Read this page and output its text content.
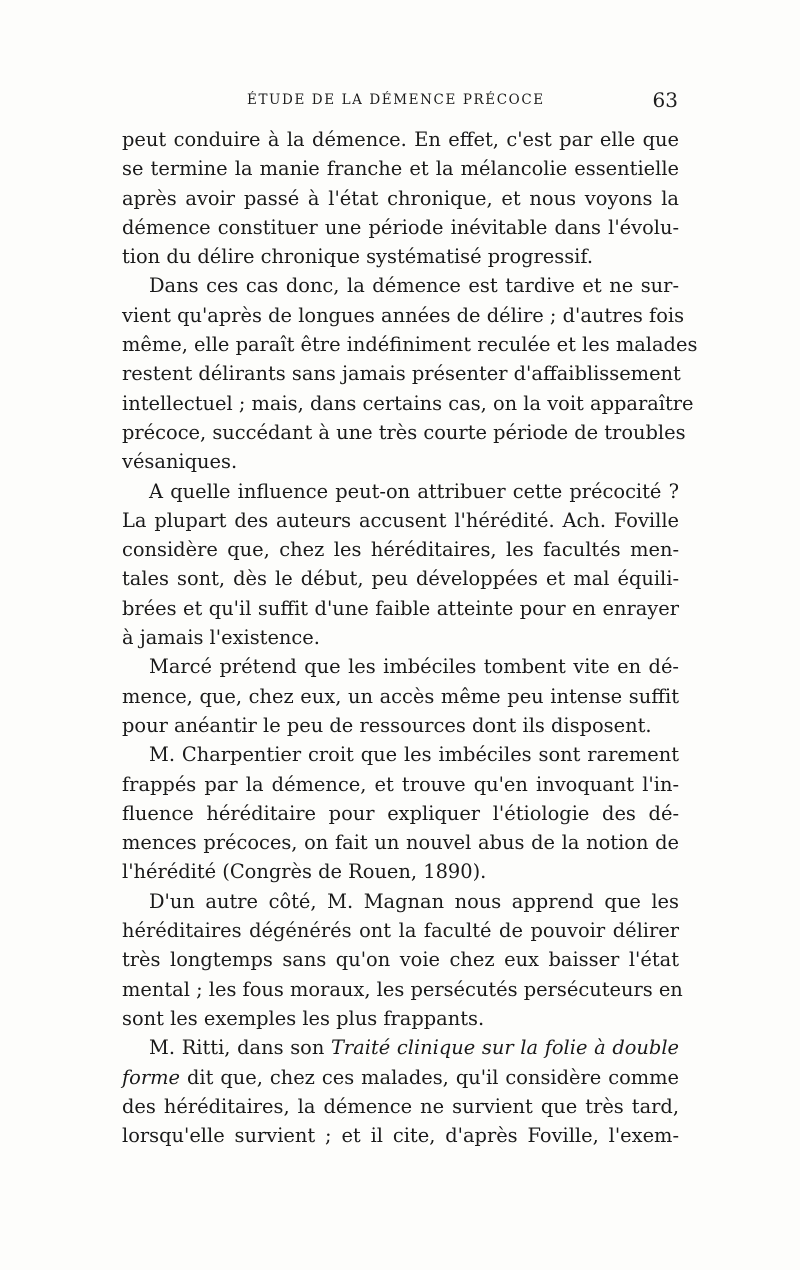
ÉTUDE DE LA DÉMENCE PRÉCOCE	63
peut conduire à la démence. En effet, c'est par elle que
se termine la manie franche et la mélancolie essentielle
après avoir passé à l'état chronique, et nous voyons la
démence constituer une période inévitable dans l'évolu-
tion du délire chronique systématisé progressif.
Dans ces cas donc, la démence est tardive et ne sur-
vient qu'après de longues années de délire ; d'autres fois
même, elle paraît être indéfiniment reculée et les malades
restent délirants sans jamais présenter d'affaiblissement
intellectuel ; mais, dans certains cas, on la voit apparaître
précoce, succédant à une très courte période de troubles
vésaniques.
A quelle influence peut-on attribuer cette précocité ?
La plupart des auteurs accusent l'hérédité. Ach. Foville
considère que, chez les héréditaires, les facultés men-
tales sont, dès le début, peu développées et mal équili-
brées et qu'il suffit d'une faible atteinte pour en enrayer
à jamais l'existence.
Marcé prétend que les imbéciles tombent vite en dé-
mence, que, chez eux, un accès même peu intense suffit
pour anéantir le peu de ressources dont ils disposent.
M. Charpentier croit que les imbéciles sont rarement
frappés par la démence, et trouve qu'en invoquant l'in-
fluence héréditaire pour expliquer l'étiologie des dé-
mences précoces, on fait un nouvel abus de la notion de
l'hérédité (Congrès de Rouen, 1890).
D'un autre côté, M. Magnan nous apprend que les
héréditaires dégénérés ont la faculté de pouvoir délirer
très longtemps sans qu'on voie chez eux baisser l'état
mental ; les fous moraux, les persécutés persécuteurs en
sont les exemples les plus frappants.
M. Ritti, dans son Traité clinique sur la folie à double
forme dit que, chez ces malades, qu'il considère comme
des héréditaires, la démence ne survient que très tard,
lorsqu'elle survient ; et il cite, d'après Foville, l'exem-
